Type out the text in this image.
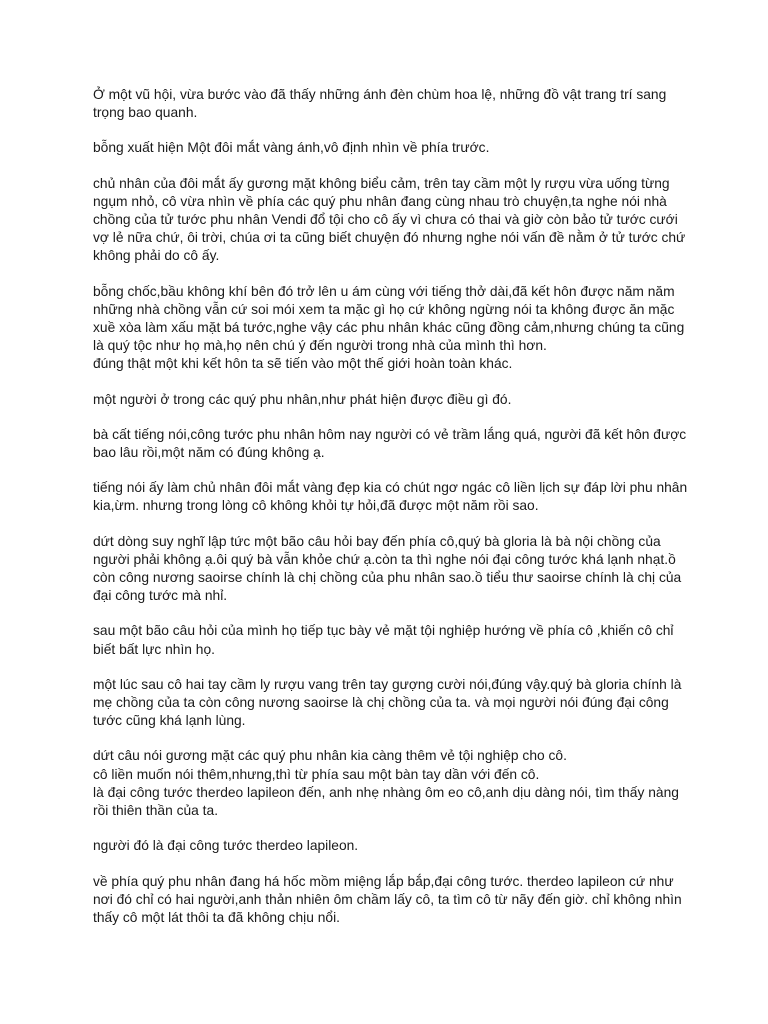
Ở một vũ hội, vừa bước vào đã thấy những ánh đèn chùm hoa lệ, những đồ vật trang trí sang trọng bao quanh.

bỗng xuất hiện Một đôi mắt vàng ánh,vô định nhìn về phía trước.

chủ nhân của đôi mắt ấy gương mặt không biểu cảm, trên tay cầm một ly rượu vừa uống từng ngụm nhỏ, cô vừa nhìn về phía các quý phu nhân đang cùng nhau trò chuyện,ta nghe nói nhà chồng của tử tước phu nhân Vendi đổ tội cho cô ấy vì chưa có thai và giờ còn bảo tử tước cưới vợ lẻ nữa chứ, ôi trời, chúa ơi ta cũng biết chuyện đó nhưng nghe nói vấn đề nằm ở tử tước chứ không phải do cô ấy.

bỗng chốc,bầu không khí bên đó trở lên u ám cùng với tiếng thở dài,đã kết hôn được năm năm những nhà chồng vẫn cứ soi mói xem ta mặc gì họ cứ không ngừng nói ta không được ăn mặc xuề xòa làm xấu mặt bá tước,nghe vậy các phu nhân khác cũng đồng cảm,nhưng chúng ta cũng là quý tộc như họ mà,họ nên chú ý đến người trong nhà của mình thì hơn.

đúng thật một khi kết hôn ta sẽ tiến vào một thế giới hoàn toàn khác.

một người ở trong các quý phu nhân,như phát hiện được điều gì đó.

bà cất tiếng nói,công tước phu nhân hôm nay người có vẻ trầm lắng quá, người đã kết hôn được bao lâu rồi,một năm có đúng không ạ.

tiếng nói ấy làm chủ nhân đôi mắt vàng đẹp kia có chút ngơ ngác cô liền lịch sự đáp lời phu nhân kia,ừm. nhưng trong lòng cô không khỏi tự hỏi,đã được một năm rồi sao.

dứt dòng suy nghĩ lập tức một bão câu hỏi bay đến phía cô,quý bà gloria là bà nội chồng của người phải không ạ.ôi quý bà vẫn khỏe chứ ạ.còn ta thì nghe nói đại công tước khá lạnh nhạt.ồ còn công nương saoirse chính là chị chồng của phu nhân sao.ồ tiểu thư saoirse chính là chị của đại công tước mà nhỉ.

sau một bão câu hỏi của mình họ tiếp tục bày vẻ mặt tội nghiệp hướng về phía cô ,khiến cô chỉ biết bất lực nhìn họ.

một lúc sau cô hai tay cầm ly rượu vang trên tay gượng cười nói,đúng vậy.quý bà gloria chính là mẹ chồng của ta còn công nương saoirse là chị chồng của ta. và mọi người nói đúng đại công tước cũng khá lạnh lùng.

dứt câu nói gương mặt các quý phu nhân kia càng thêm vẻ tội nghiệp cho cô.
cô liền muốn nói thêm,nhưng,thì từ phía sau một bàn tay dần với đến cô.
là đại công tước therdeo lapileon đến, anh nhẹ nhàng ôm eo cô,anh dịu dàng nói, tìm thấy nàng rồi thiên thần của ta.

người đó là đại công tước therdeo lapileon.

về phía quý phu nhân đang há hốc mồm miệng lắp bắp,đại công tước. therdeo lapileon cứ như nơi đó chỉ có hai người,anh thản nhiên ôm chầm lấy cô, ta tìm cô từ nãy đến giờ. chỉ không nhìn thấy cô một lát thôi ta đã không chịu nổi.
